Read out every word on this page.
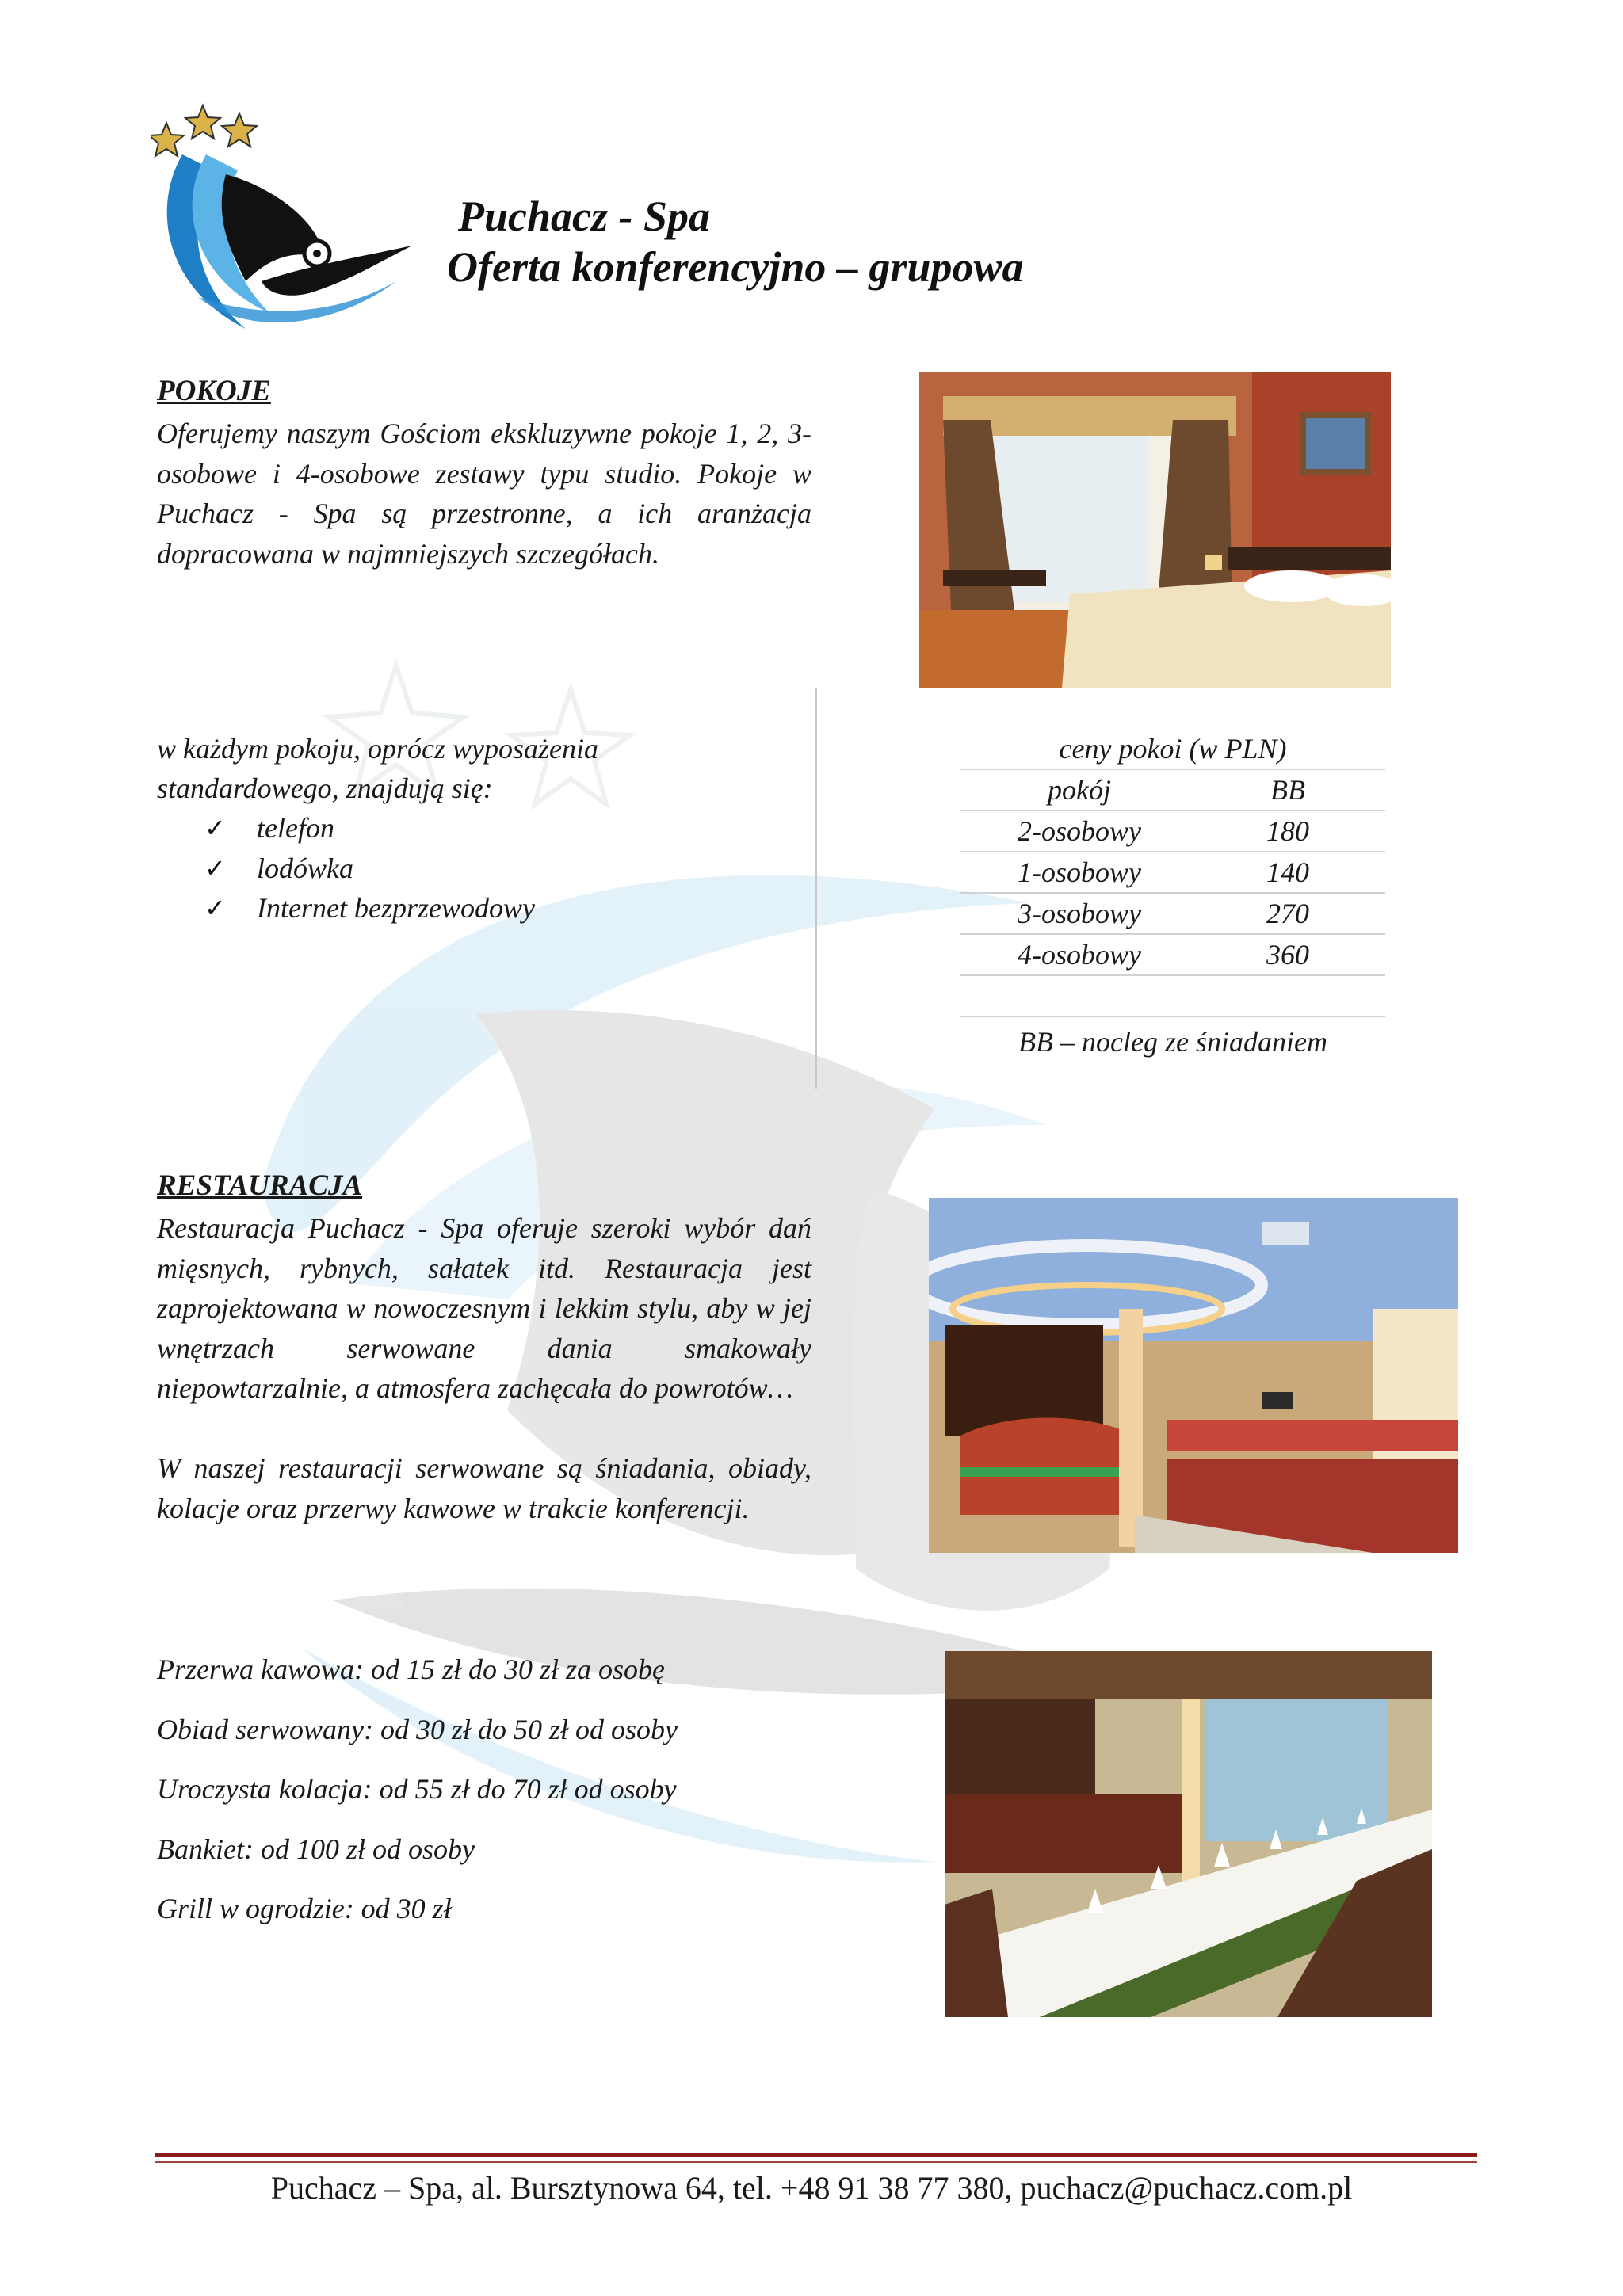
Puchacz - Spa
Oferta konferencyjno – grupowa
POKOJE
Oferujemy naszym Gościom ekskluzywne pokoje 1, 2, 3-osobowe i 4-osobowe zestawy typu studio. Pokoje w Puchacz - Spa są przestronne, a ich aranżacja dopracowana w najmniejszych szczegółach.
w każdym pokoju, oprócz wyposażenia standardowego, znajdują się:
✓	telefon
✓	lodówka
✓	Internet bezprzewodowy
ceny pokoi (w PLN)
pokój	BB
2-osobowy	180
1-osobowy	140
3-osobowy	270
4-osobowy	360
BB – nocleg ze śniadaniem
RESTAURACJA
Restauracja Puchacz - Spa oferuje szeroki wybór dań mięsnych, rybnych, sałatek itd. Restauracja jest zaprojektowana w nowoczesnym i lekkim stylu, aby w jej wnętrzach serwowane dania smakowały niepowtarzalnie, a atmosfera zachęcała do powrotów…
W naszej restauracji serwowane są śniadania, obiady, kolacje oraz przerwy kawowe w trakcie konferencji.
Przerwa kawowa: od 15 zł do 30 zł za osobę
Obiad serwowany: od 30 zł do 50 zł od osoby
Uroczysta kolacja: od 55 zł do 70 zł od osoby
Bankiet: od 100 zł od osoby
Grill w ogrodzie: od 30 zł
Puchacz – Spa, al. Bursztynowa 64, tel. +48 91 38 77 380, puchacz@puchacz.com.pl
